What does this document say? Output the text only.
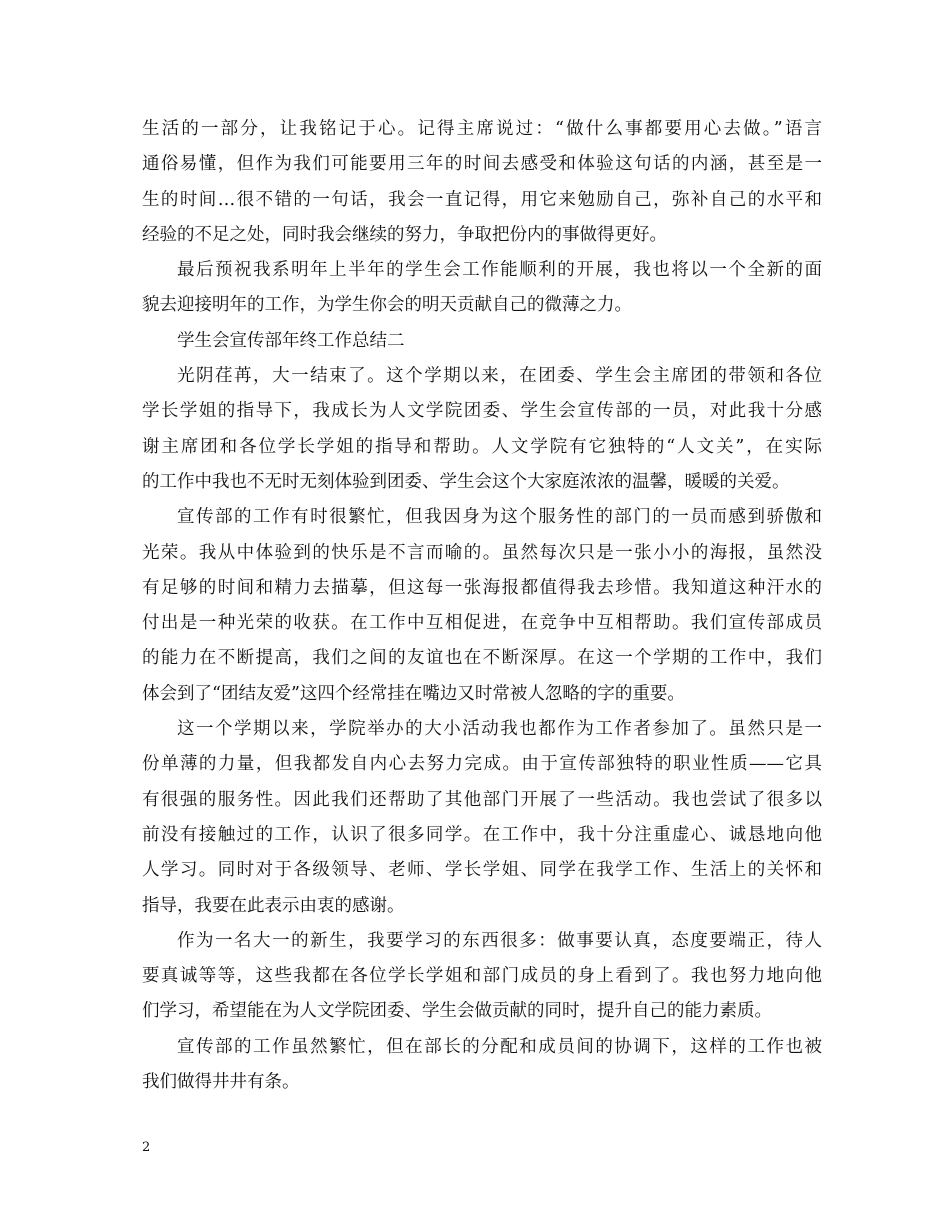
生活的一部分，让我铭记于心。记得主席说过：“做什么事都要用心去做。”语言
通俗易懂，但作为我们可能要用三年的时间去感受和体验这句话的内涵，甚至是一
生的时间…很不错的一句话，我会一直记得，用它来勉励自己，弥补自己的水平和
经验的不足之处，同时我会继续的努力，争取把份内的事做得更好。
最后预祝我系明年上半年的学生会工作能顺利的开展，我也将以一个全新的面
貌去迎接明年的工作，为学生你会的明天贡献自己的微薄之力。
学生会宣传部年终工作总结二
光阴荏苒，大一结束了。这个学期以来，在团委、学生会主席团的带领和各位
学长学姐的指导下，我成长为人文学院团委、学生会宣传部的一员，对此我十分感
谢主席团和各位学长学姐的指导和帮助。人文学院有它独特的“人文关”，在实际
的工作中我也不无时无刻体验到团委、学生会这个大家庭浓浓的温馨，暖暖的关爱。
宣传部的工作有时很繁忙，但我因身为这个服务性的部门的一员而感到骄傲和
光荣。我从中体验到的快乐是不言而喻的。虽然每次只是一张小小的海报，虽然没
有足够的时间和精力去描摹，但这每一张海报都值得我去珍惜。我知道这种汗水的
付出是一种光荣的收获。在工作中互相促进，在竞争中互相帮助。我们宣传部成员
的能力在不断提高，我们之间的友谊也在不断深厚。在这一个学期的工作中，我们
体会到了“团结友爱”这四个经常挂在嘴边又时常被人忽略的字的重要。
这一个学期以来，学院举办的大小活动我也都作为工作者参加了。虽然只是一
份单薄的力量，但我都发自内心去努力完成。由于宣传部独特的职业性质——它具
有很强的服务性。因此我们还帮助了其他部门开展了一些活动。我也尝试了很多以
前没有接触过的工作，认识了很多同学。在工作中，我十分注重虚心、诚恳地向他
人学习。同时对于各级领导、老师、学长学姐、同学在我学工作、生活上的关怀和
指导，我要在此表示由衷的感谢。
作为一名大一的新生，我要学习的东西很多：做事要认真，态度要端正，待人
要真诚等等，这些我都在各位学长学姐和部门成员的身上看到了。我也努力地向他
们学习，希望能在为人文学院团委、学生会做贡献的同时，提升自己的能力素质。
宣传部的工作虽然繁忙，但在部长的分配和成员间的协调下，这样的工作也被
我们做得井井有条。
2
